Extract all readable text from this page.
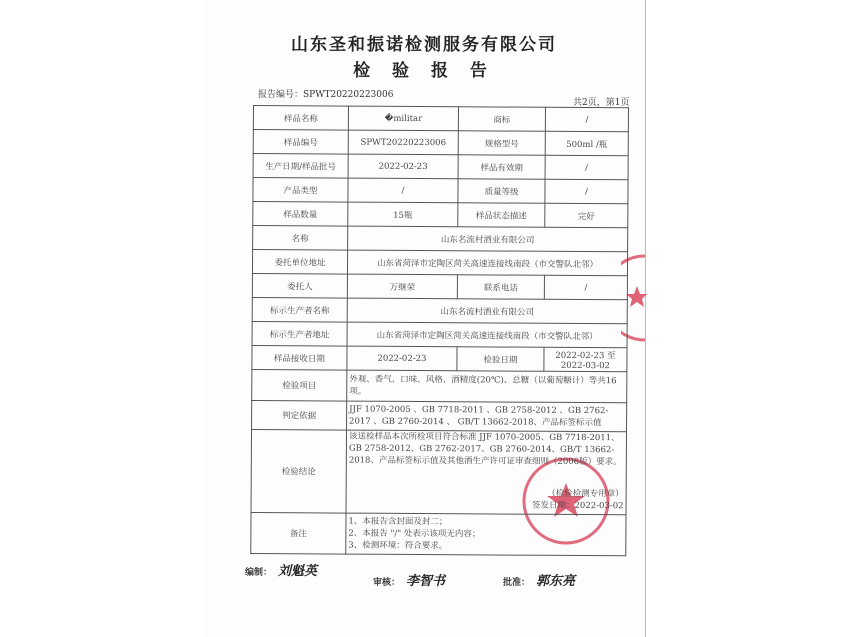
山东圣和振诺检测服务有限公司
检 验 报 告
报告编号：SPWT20220223006
共2页，第1页
样品名称	�militar	商标	/
样品编号	SPWT20220223006	规格型号	500ml /瓶
生产日期/样品批号	2022-02-23	样品有效期	/
产品类型	/	质量等级	/
样品数量	15瓶	样品状态描述	完好
名称	山东名流村酒业有限公司		
委托单位地址	山东省菏泽市定陶区菏关高速连接线南段（市交警队北邻）		
委托人	万继荣	联系电话	/
标示生产者名称	山东名流村酒业有限公司		
标示生产者地址	山东省菏泽市定陶区菏关高速连接线南段（市交警队北邻）		
样品接收日期	2022-02-23	检验日期	2022-02-23 至 2022-03-02
检验项目	外观、香气、口味、风格、酒精度(20℃)、总糖（以葡萄糖计）等共16项。		
判定依据	JJF 1070-2005 、GB 7718-2011 、GB 2758-2012 、GB 2762-2017 、GB 2760-2014 、 GB/T 13662-2018、产品标签标示值		
检验结论	该送检样品本次所检项目符合标准 JJF 1070-2005、GB 7718-2011、GB 2758-2012、GB 2762-2017、GB 2760-2014、GB/T 13662-2018、产品标签标示值及其他酒生产许可证审查细则（2006版）要求。
（检验检测专用章）
签发日期：2022-03-02		

备注	1、本报告含封面及封二；
2、本报告 "/" 处表示该项无内容；
3、检测环境：符合要求。		
编制： 刘魁英
审核： 李智书	批准： 郭东亮
